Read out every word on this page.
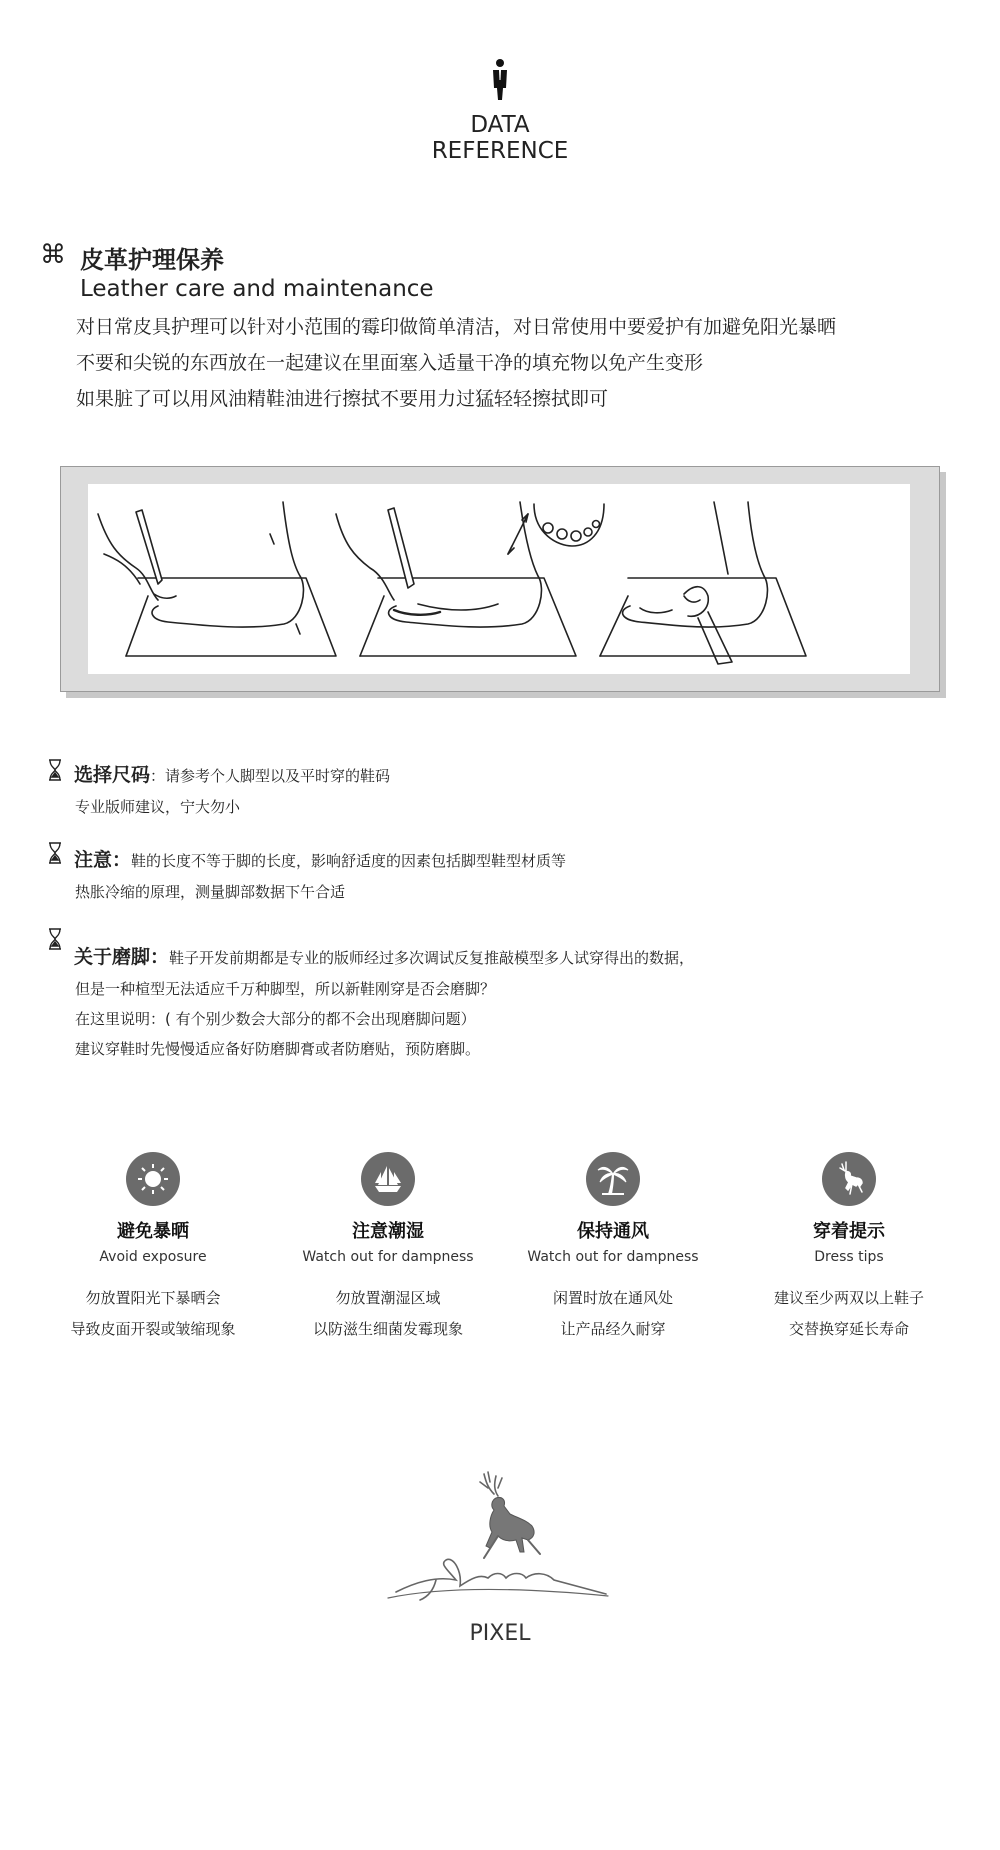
DATA
REFERENCE
⌘ 皮革护理保养
Leather care and maintenance
对日常皮具护理可以针对小范围的霉印做简单清洁，对日常使用中要爱护有加避免阳光暴晒
不要和尖锐的东西放在一起建议在里面塞入适量干净的填充物以免产生变形
如果脏了可以用风油精鞋油进行擦拭不要用力过猛轻轻擦拭即可
选择尺码：请参考个人脚型以及平时穿的鞋码
专业版师建议，宁大勿小
注意：鞋的长度不等于脚的长度，影响舒适度的因素包括脚型鞋型材质等
热胀冷缩的原理，测量脚部数据下午合适
关于磨脚：鞋子开发前期都是专业的版师经过多次调试反复推敲模型多人试穿得出的数据，
但是一种楦型无法适应千万种脚型，所以新鞋刚穿是否会磨脚？
在这里说明：( 有个别少数会大部分的都不会出现磨脚问题）
建议穿鞋时先慢慢适应备好防磨脚膏或者防磨贴，预防磨脚。
避免暴晒
Avoid exposure
勿放置阳光下暴晒会
导致皮面开裂或皱缩现象
注意潮湿
Watch out for dampness
勿放置潮湿区域
以防滋生细菌发霉现象
保持通风
Watch out for dampness
闲置时放在通风处
让产品经久耐穿
穿着提示
Dress tips
建议至少两双以上鞋子
交替换穿延长寿命
PIXEL
